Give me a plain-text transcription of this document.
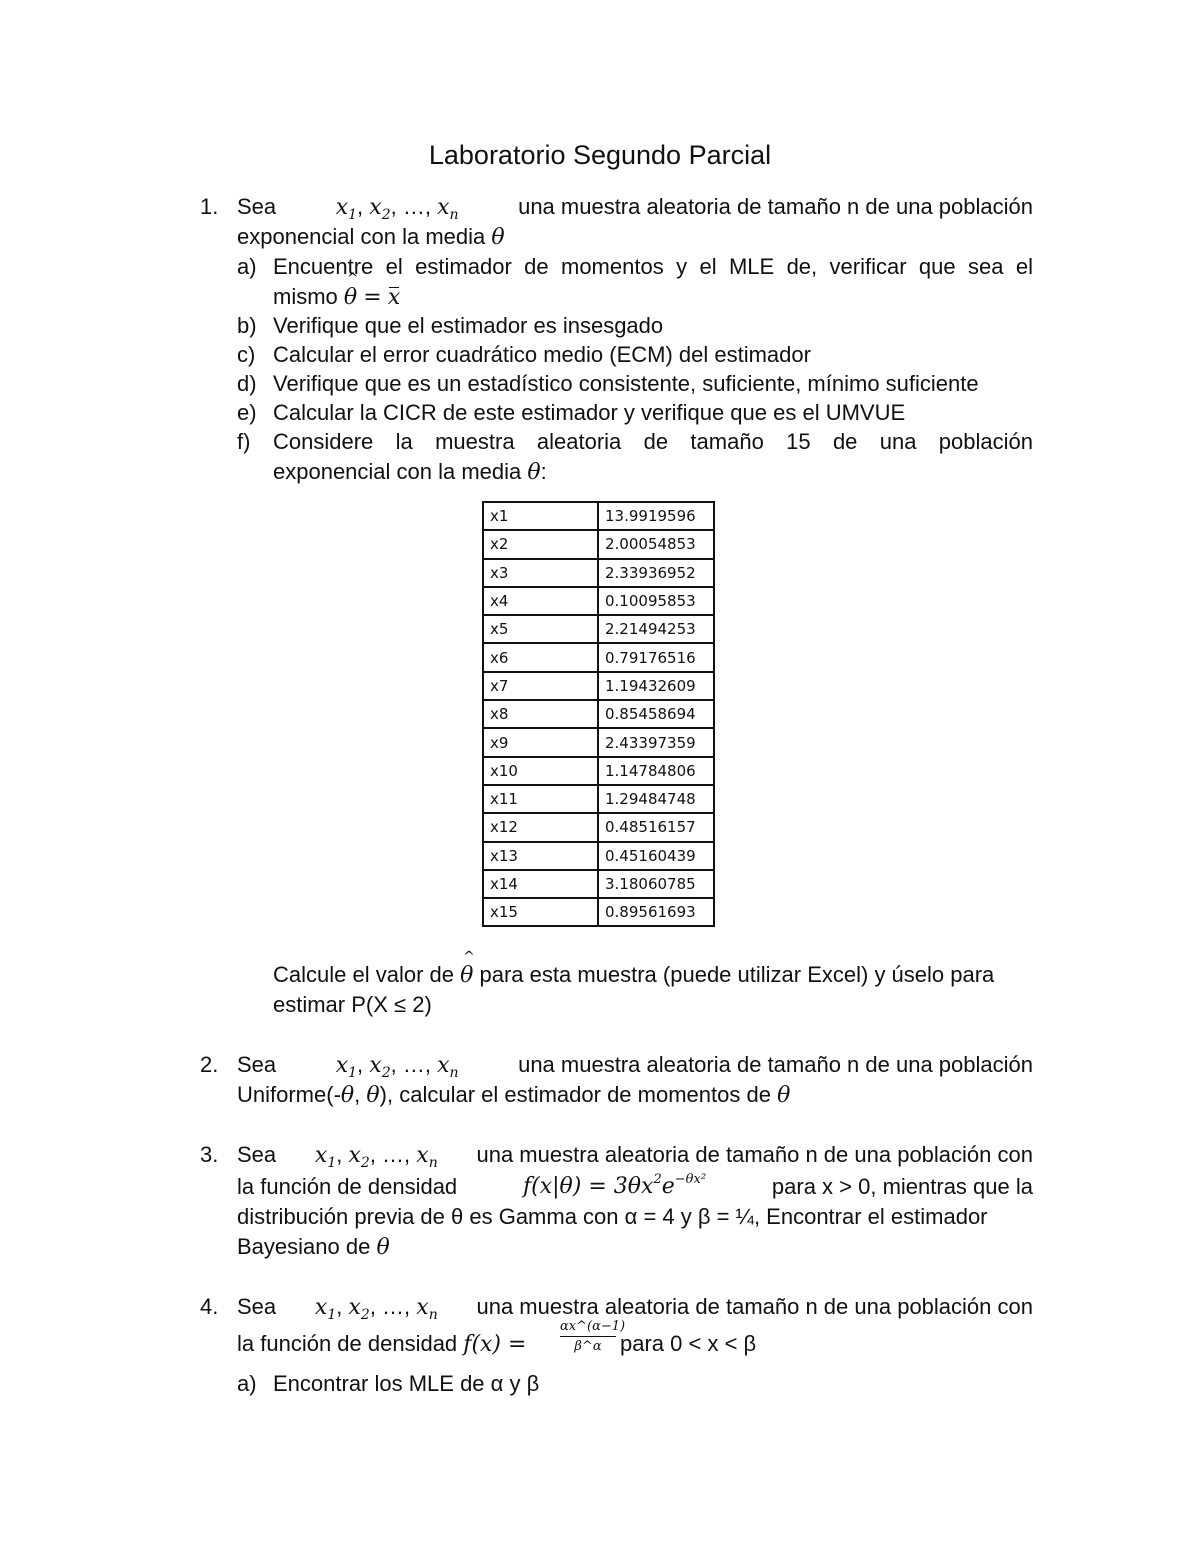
Laboratorio Segundo Parcial
1. Sea	$x_1$, $x_2$, …, $x_n$	una muestra aleatoria de tamaño n de una población
exponencial con la media θ
a) Encuentre el estimador de momentos y el MLE de, verificar que sea el
mismo ^ θ = x
b) Verifique que el estimador es insesgado
c) Calcular el error cuadrático medio (ECM) del estimador
d) Verifique que es un estadístico consistente, suficiente, mínimo suficiente
e) Calcular la CICR de este estimador y verifique que es el UMVUE
f) Considere la muestra aleatoria de tamaño 15 de una población
exponencial con la media θ:
x1	13.9919596
x2	2.00054853
x3	2.33936952
x4	0.10095853
x5	2.21494253
x6	0.79176516
x7	1.19432609
x8	0.85458694
x9	2.43397359
x10	1.14784806
x11	1.29484748
x12	0.48516157
x13	0.45160439
x14	3.18060785
x15	0.89561693
Calcule el valor de ^ θ para esta muestra (puede utilizar Excel) y úselo para
estimar P(X ≤ 2)
2. Sea	$x_1$, $x_2$, …, $x_n$	una muestra aleatoria de tamaño n de una población
Uniforme(-θ, θ), calcular el estimador de momentos de θ
3. Sea $x_1$, $x_2$, …, $x_n$ una muestra aleatoria de tamaño n de una población con
la función de densidad	$f(x|\theta) = 3\theta x^2e^{-\theta x^2}$	para x > 0, mientras que la
distribución previa de θ es Gamma con α = 4 y β = ¼, Encontrar el estimador
Bayesiano de θ
4. Sea $x_1$, $x_2$, …, $x_n$ una muestra aleatoria de tamaño n de una población con
la función de densidad f(x) =
αx^(α−1)
β^α para 0 < x < β
a) Encontrar los MLE de α y β
